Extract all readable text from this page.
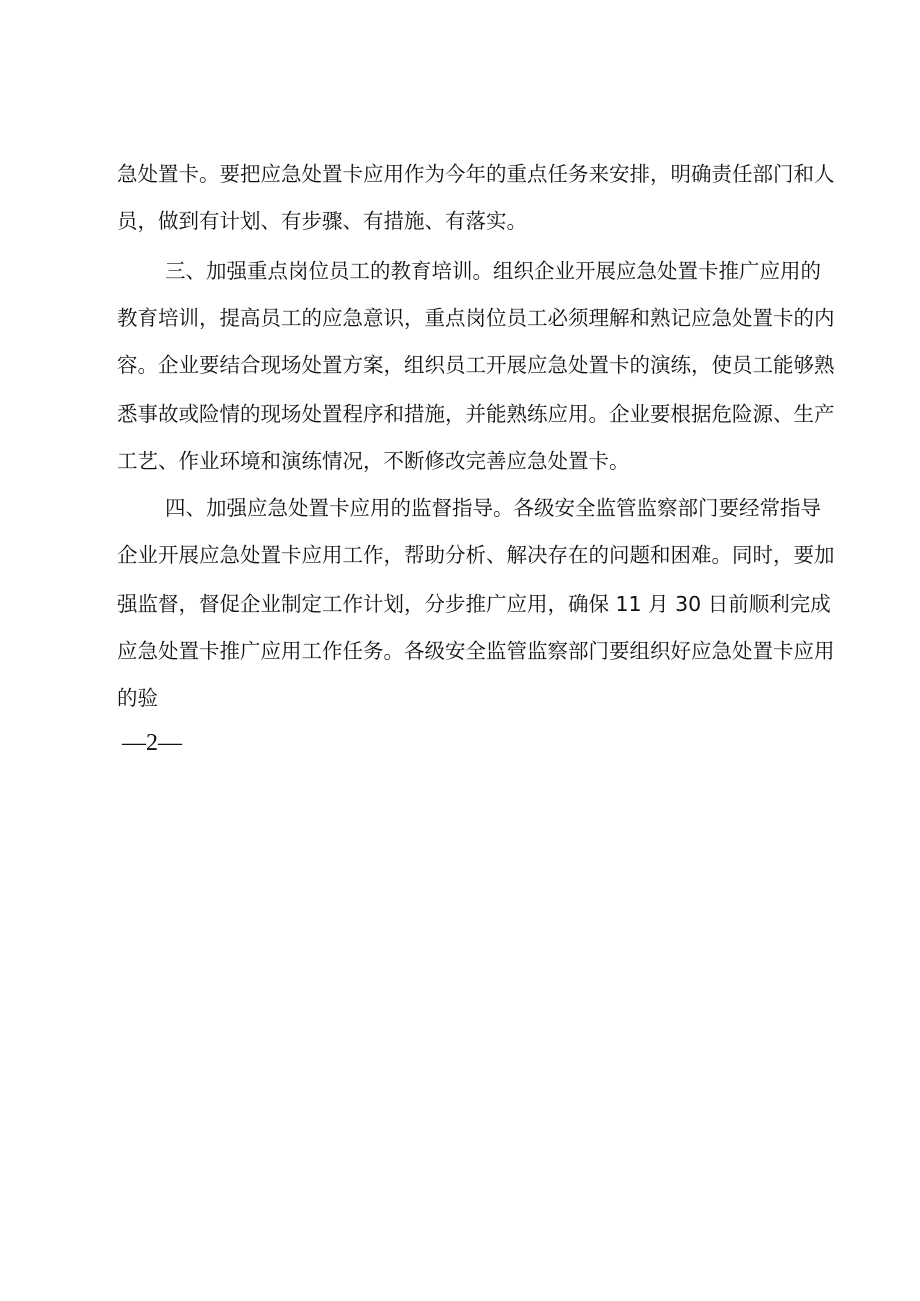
急处置卡。要把应急处置卡应用作为今年的重点任务来安排，明确责任部门和人
员，做到有计划、有步骤、有措施、有落实。
三、加强重点岗位员工的教育培训。组织企业开展应急处置卡推广应用的
教育培训，提高员工的应急意识，重点岗位员工必须理解和熟记应急处置卡的内
容。企业要结合现场处置方案，组织员工开展应急处置卡的演练，使员工能够熟
悉事故或险情的现场处置程序和措施，并能熟练应用。企业要根据危险源、生产
工艺、作业环境和演练情况，不断修改完善应急处置卡。
四、加强应急处置卡应用的监督指导。各级安全监管监察部门要经常指导
企业开展应急处置卡应用工作，帮助分析、解决存在的问题和困难。同时，要加
强监督，督促企业制定工作计划，分步推广应用，确保 11 月 30 日前顺利完成
应急处置卡推广应用工作任务。各级安全监管监察部门要组织好应急处置卡应用
的验
—2—
